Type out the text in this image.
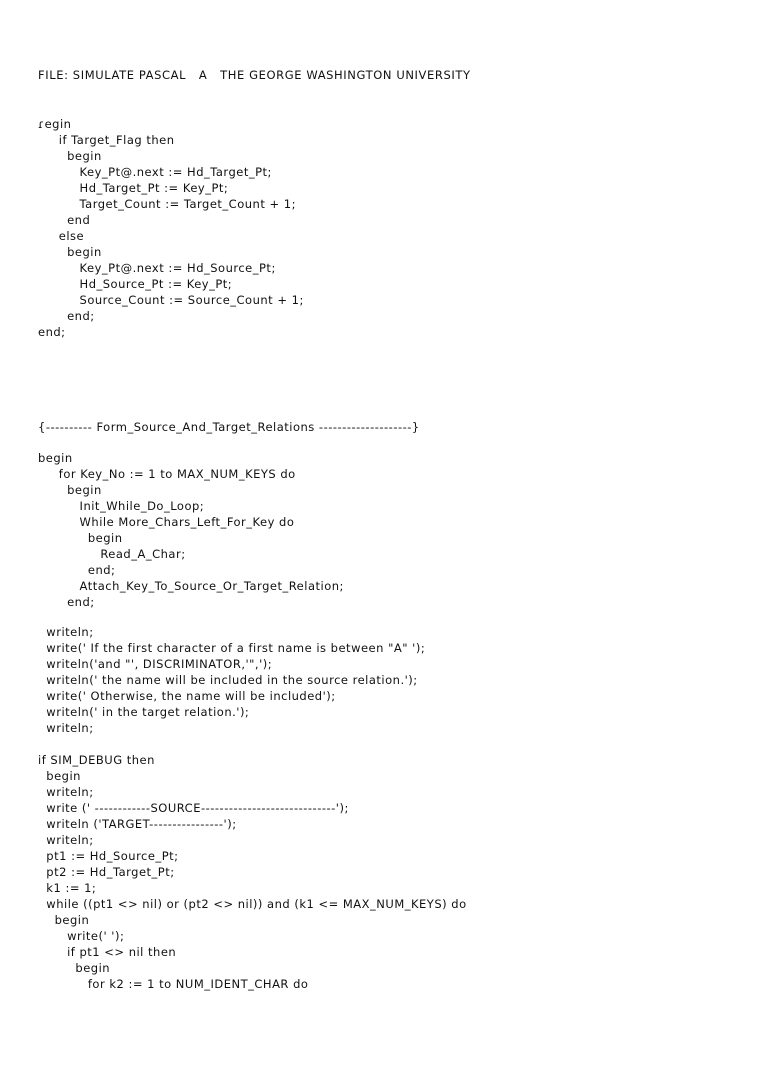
FILE: SIMULATE PASCAL   A   THE GEORGE WASHINGTON UNIVERSITY
ɾegin
if Target_Flag then
begin
Key_Pt@.next := Hd_Target_Pt;
Hd_Target_Pt := Key_Pt;
Target_Count := Target_Count + 1;
end
else
begin
Key_Pt@.next := Hd_Source_Pt;
Hd_Source_Pt := Key_Pt;
Source_Count := Source_Count + 1;
end;
end;
{---------- Form_Source_And_Target_Relations --------------------}
begin
for Key_No := 1 to MAX_NUM_KEYS do
begin
Init_While_Do_Loop;
While More_Chars_Left_For_Key do
begin
Read_A_Char;
end;
Attach_Key_To_Source_Or_Target_Relation;
end;
writeln;
write(' If the first character of a first name is between "A" ');
writeln('and "', DISCRIMINATOR,'",');
writeln(' the name will be included in the source relation.');
write(' Otherwise, the name will be included');
writeln(' in the target relation.');
writeln;
if SIM_DEBUG then
begin
writeln;
write (' ------------SOURCE-----------------------------');
writeln ('TARGET----------------');
writeln;
pt1 := Hd_Source_Pt;
pt2 := Hd_Target_Pt;
k1 := 1;
while ((pt1 <> nil) or (pt2 <> nil)) and (k1 <= MAX_NUM_KEYS) do
begin
write(' ');
if pt1 <> nil then
begin
for k2 := 1 to NUM_IDENT_CHAR do
